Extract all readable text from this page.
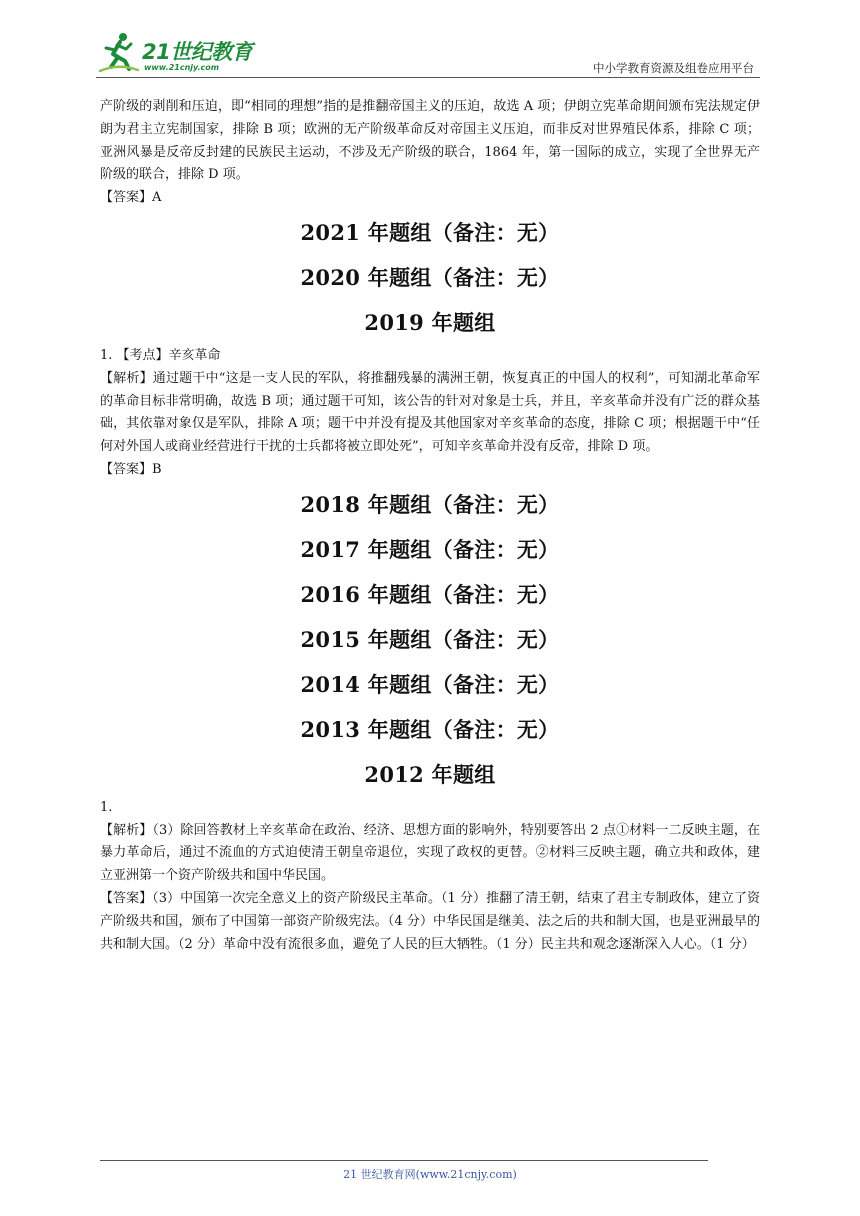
21世纪教育
www.21cnjy.com	中小学教育资源及组卷应用平台

产阶级的剥削和压迫，即“相同的理想”指的是推翻帝国主义的压迫，故选 A 项；伊朗立宪革命期间颁布宪法规定伊朗为君主立宪制国家，排除 B 项；欧洲的无产阶级革命反对帝国主义压迫，而非反对世界殖民体系，排除 C 项；亚洲风暴是反帝反封建的民族民主运动，不涉及无产阶级的联合，1864 年，第一国际的成立，实现了全世界无产阶级的联合，排除 D 项。

【答案】A

2021 年题组（备注：无）
2020 年题组（备注：无）
2019 年题组

1. 【考点】辛亥革命

【解析】通过题干中“这是一支人民的军队，将推翻残暴的满洲王朝，恢复真正的中国人的权利”，可知湖北革命军的革命目标非常明确，故选 B 项；通过题干可知，该公告的针对对象是士兵，并且，辛亥革命并没有广泛的群众基础，其依靠对象仅是军队，排除 A 项；题干中并没有提及其他国家对辛亥革命的态度，排除 C 项；根据题干中“任何对外国人或商业经营进行干扰的士兵都将被立即处死”，可知辛亥革命并没有反帝，排除 D 项。

【答案】B

2018 年题组（备注：无）
2017 年题组（备注：无）
2016 年题组（备注：无）
2015 年题组（备注：无）
2014 年题组（备注：无）
2013 年题组（备注：无）
2012 年题组

1.

【解析】（3）除回答教材上辛亥革命在政治、经济、思想方面的影响外，特别要答出 2 点①材料一二反映主题，在暴力革命后，通过不流血的方式迫使清王朝皇帝退位，实现了政权的更替。②材料三反映主题，确立共和政体，建立亚洲第一个资产阶级共和国中华民国。

【答案】（3）中国第一次完全意义上的资产阶级民主革命。（1 分）推翻了清王朝，结束了君主专制政体，建立了资产阶级共和国，颁布了中国第一部资产阶级宪法。（4 分）中华民国是继美、法之后的共和制大国，也是亚洲最早的共和制大国。（2 分）革命中没有流很多血，避免了人民的巨大牺牲。（1 分）民主共和观念逐渐深入人心。（1 分）

21 世纪教育网(www.21cnjy.com)
